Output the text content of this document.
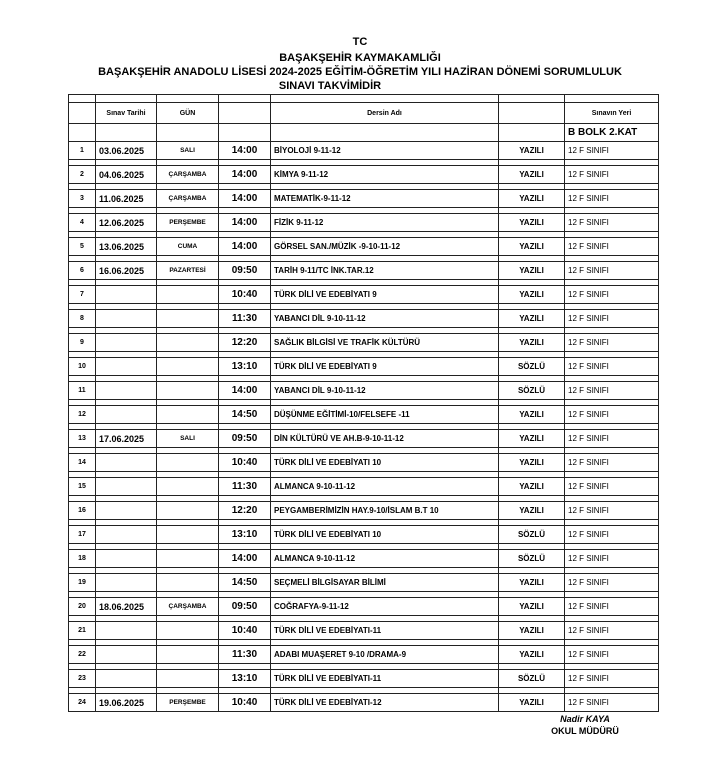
TC
BAŞAKŞEHİR KAYMAKAMLIĞI
BAŞAKŞEHİR ANADOLU LİSESİ 2024-2025 EĞİTİM-ÖĞRETİM YILI HAZİRAN DÖNEMİ SORUMLULUK
SINAVI TAKVİMİDİR

	Sınav Tarihi	GÜN		Dersin Adı		Sınavın Yeri
						B BOLK 2.KAT
1	03.06.2025	SALI	14:00	BİYOLOJİ 9-11-12	YAZILI	12 F SINIFI

2	04.06.2025	ÇARŞAMBA	14:00	KİMYA 9-11-12	YAZILI	12 F SINIFI

3	11.06.2025	ÇARŞAMBA	14:00	MATEMATİK-9-11-12	YAZILI	12 F SINIFI

4	12.06.2025	PERŞEMBE	14:00	FİZİK 9-11-12	YAZILI	12 F SINIFI

5	13.06.2025	CUMA	14:00	GÖRSEL SAN./MÜZİK -9-10-11-12	YAZILI	12 F SINIFI

6	16.06.2025	PAZARTESİ	09:50	TARİH 9-11/TC İNK.TAR.12	YAZILI	12 F SINIFI

7			10:40	TÜRK DİLİ VE EDEBİYATI 9	YAZILI	12 F SINIFI

8			11:30	YABANCI DİL 9-10-11-12	YAZILI	12 F SINIFI

9			12:20	SAĞLIK BİLGİSİ VE TRAFİK KÜLTÜRÜ	YAZILI	12 F SINIFI

10			13:10	TÜRK DİLİ VE EDEBİYATI 9	SÖZLÜ	12 F SINIFI

11			14:00	YABANCI DİL 9-10-11-12	SÖZLÜ	12 F SINIFI

12			14:50	DÜŞÜNME EĞİTİMİ-10/FELSEFE -11	YAZILI	12 F SINIFI

13	17.06.2025	SALI	09:50	DİN KÜLTÜRÜ VE AH.B-9-10-11-12	YAZILI	12 F SINIFI

14			10:40	TÜRK DİLİ VE EDEBİYATI 10	YAZILI	12 F SINIFI

15			11:30	ALMANCA 9-10-11-12	YAZILI	12 F SINIFI

16			12:20	PEYGAMBERİMİZİN HAY.9-10/İSLAM B.T 10	YAZILI	12 F SINIFI

17			13:10	TÜRK DİLİ VE EDEBİYATI 10	SÖZLÜ	12 F SINIFI

18			14:00	ALMANCA 9-10-11-12	SÖZLÜ	12 F SINIFI

19			14:50	SEÇMELİ BİLGİSAYAR BİLİMİ	YAZILI	12 F SINIFI

20	18.06.2025	ÇARŞAMBA	09:50	COĞRAFYA-9-11-12	YAZILI	12 F SINIFI

21			10:40	TÜRK DİLİ VE EDEBİYATI-11	YAZILI	12 F SINIFI

22			11:30	ADABI MUAŞERET 9-10 /DRAMA-9	YAZILI	12 F SINIFI

23			13:10	TÜRK DİLİ VE EDEBİYATI-11	SÖZLÜ	12 F SINIFI

24	19.06.2025	PERŞEMBE	10:40	TÜRK DİLİ VE EDEBİYATI-12	YAZILI	12 F SINIFI
Nadir KAYA
OKUL MÜDÜRÜ
